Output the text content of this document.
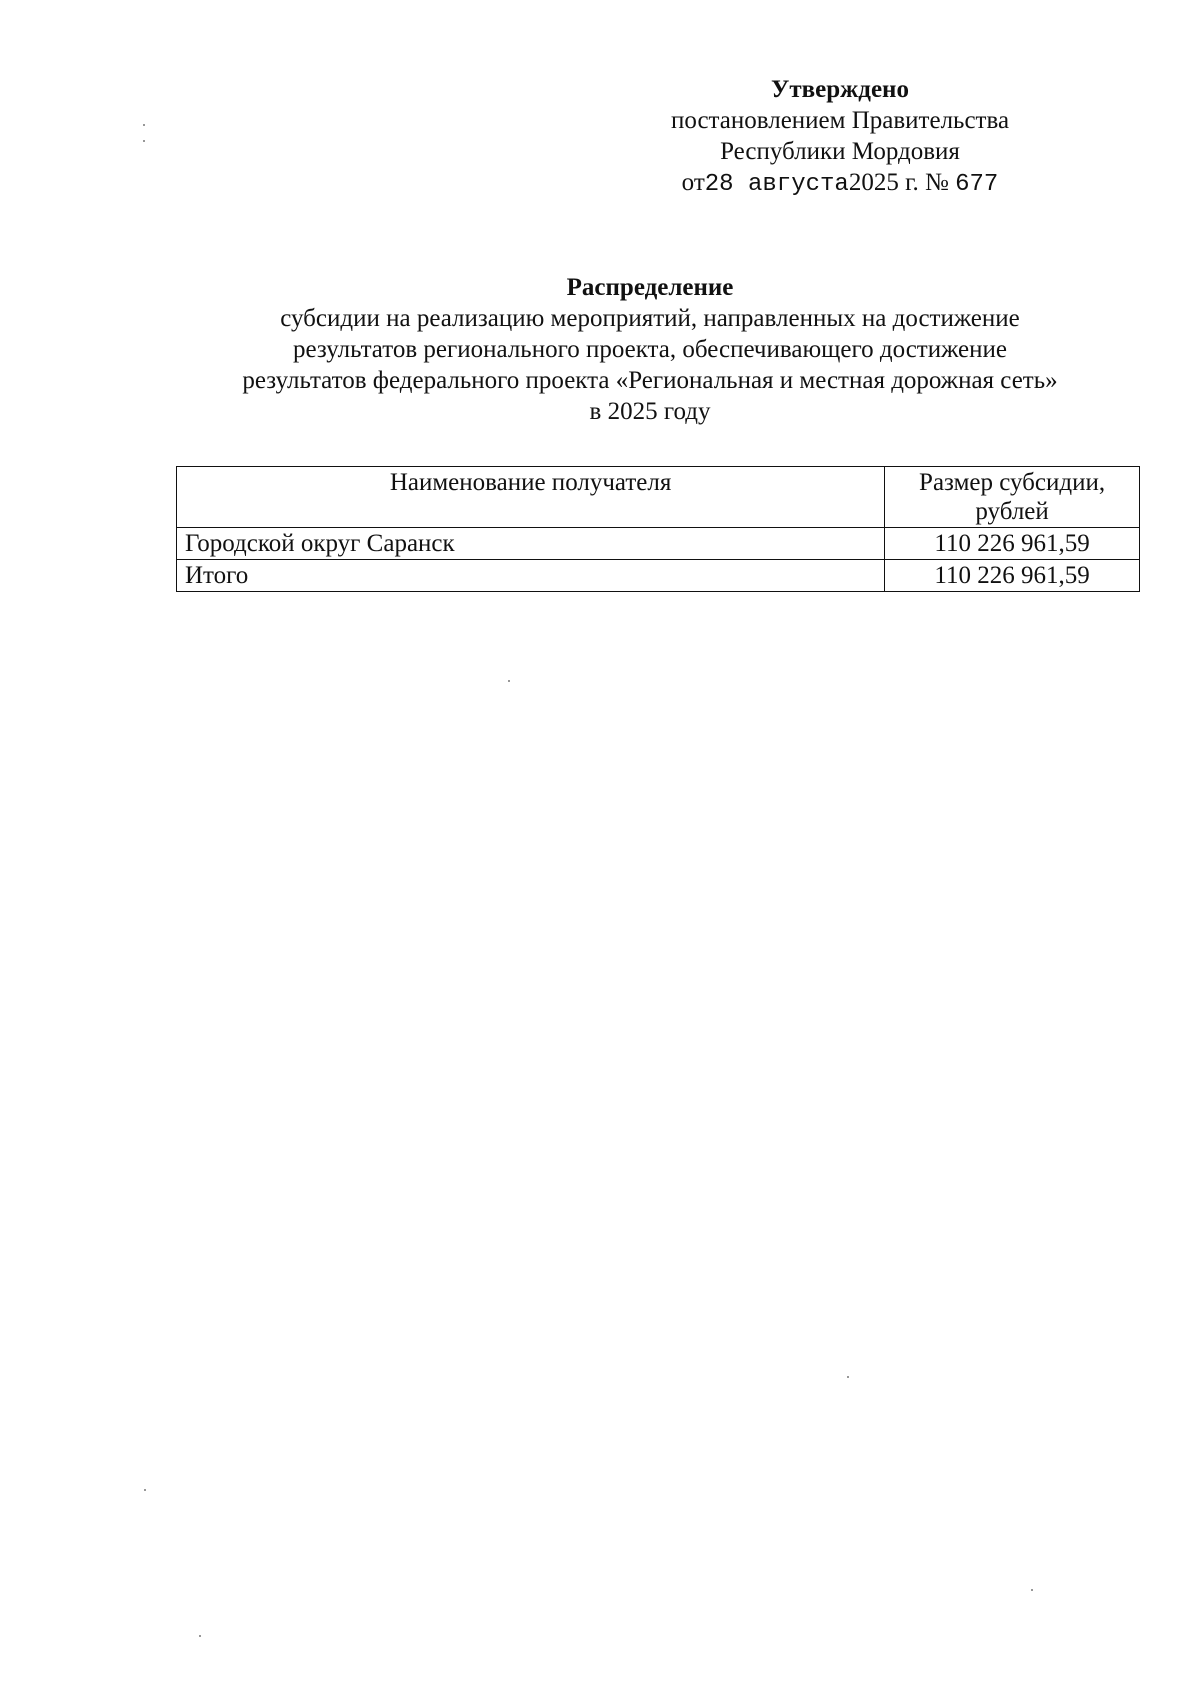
Утверждено
постановлением Правительства
Республики Мордовия
от28 августа2025 г. № 677
Распределение
субсидии на реализацию мероприятий, направленных на достижение
результатов регионального проекта, обеспечивающего достижение
результатов федерального проекта «Региональная и местная дорожная сеть»
в 2025 году
Наименование получателя	Размер субсидии,
рублей

Городской округ Саранск	110 226 961,59
Итого	110 226 961,59
